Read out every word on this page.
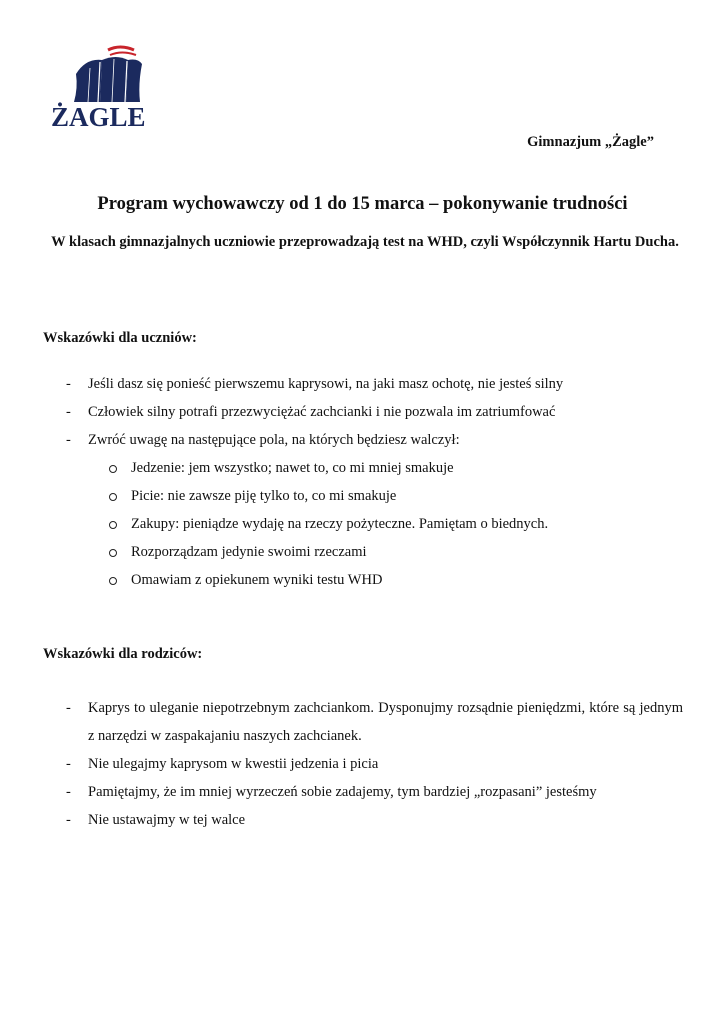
ŻAGLE
Gimnazjum „Żagle”
Program wychowawczy od 1 do 15 marca – pokonywanie trudności
W klasach gimnazjalnych uczniowie przeprowadzają test na WHD, czyli Współczynnik Hartu Ducha.
Wskazówki dla uczniów:
-	Jeśli dasz się ponieść pierwszemu kaprysowi, na jaki masz ochotę, nie jesteś silny
-	Człowiek silny potrafi przezwyciężać zachcianki i nie pozwala im zatriumfować
-	Zwróć uwagę na następujące pola, na których będziesz walczył:
Jedzenie: jem wszystko; nawet to, co mi mniej smakuje
Picie: nie zawsze piję tylko to, co mi smakuje
Zakupy: pieniądze wydaję na rzeczy pożyteczne. Pamiętam o biednych.
Rozporządzam jedynie swoimi rzeczami
Omawiam z opiekunem wyniki testu WHD
Wskazówki dla rodziców:
-	Kaprys to uleganie niepotrzebnym zachciankom. Dysponujmy rozsądnie pieniędzmi, które są jednym z narzędzi w zaspakajaniu naszych zachcianek.
-	Nie ulegajmy kaprysom w kwestii jedzenia i picia
-	Pamiętajmy, że im mniej wyrzeczeń sobie zadajemy, tym bardziej „rozpasani” jesteśmy
-	Nie ustawajmy w tej walce
